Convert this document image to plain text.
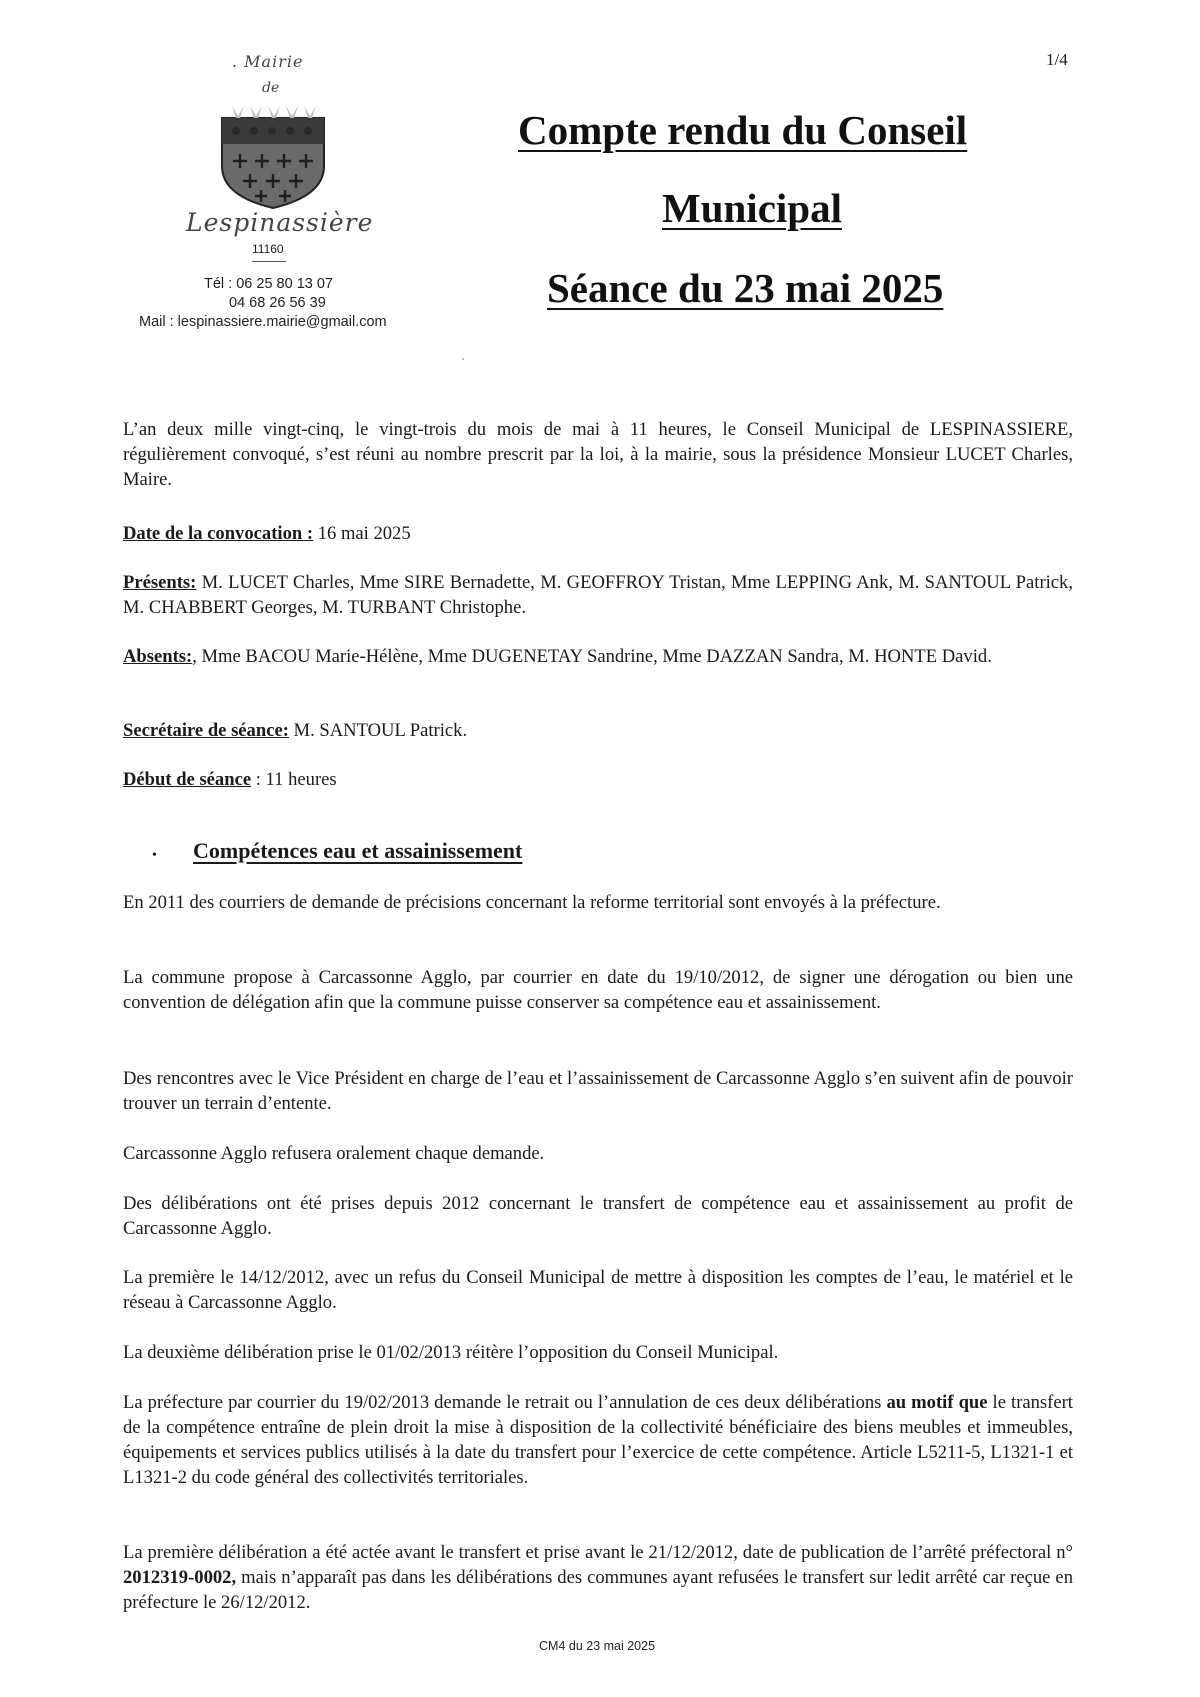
1/4
. Mairie
de
Lespinassière
11160
Tél : 06 25 80 13 07
04 68 26 56 39
Mail : lespinassiere.mairie@gmail.com
Compte rendu du Conseil
Municipal
Séance du 23 mai 2025

L’an deux mille vingt-cinq, le vingt-trois du mois de mai à 11 heures, le Conseil Municipal de LESPINASSIERE, régulièrement convoqué, s’est réuni au nombre prescrit par la loi, à la mairie, sous la présidence Monsieur LUCET Charles, Maire.

Date de la convocation : 16 mai 2025

Présents: M. LUCET Charles, Mme SIRE Bernadette, M. GEOFFROY Tristan, Mme LEPPING Ank, M. SANTOUL Patrick, M. CHABBERT Georges, M. TURBANT Christophe.

Absents:, Mme BACOU Marie-Hélène, Mme DUGENETAY Sandrine, Mme DAZZAN Sandra, M. HONTE David.

Secrétaire de séance: M. SANTOUL Patrick.

Début de séance : 11 heures

• Compétences eau et assainissement

En 2011 des courriers de demande de précisions concernant la reforme territorial sont envoyés à la préfecture.

La commune propose à Carcassonne Agglo, par courrier en date du 19/10/2012, de signer une dérogation ou bien une convention de délégation afin que la commune puisse conserver sa compétence eau et assainissement.

Des rencontres avec le Vice Président en charge de l’eau et l’assainissement de Carcassonne Agglo s’en suivent afin de pouvoir trouver un terrain d’entente.

Carcassonne Agglo refusera oralement chaque demande.

Des délibérations ont été prises depuis 2012 concernant le transfert de compétence eau et assainissement au profit de Carcassonne Agglo.

La première le 14/12/2012, avec un refus du Conseil Municipal de mettre à disposition les comptes de l’eau, le matériel et le réseau à Carcassonne Agglo.

La deuxième délibération prise le 01/02/2013 réitère l’opposition du Conseil Municipal.

La préfecture par courrier du 19/02/2013 demande le retrait ou l’annulation de ces deux délibérations au motif que le transfert de la compétence entraîne de plein droit la mise à disposition de la collectivité bénéficiaire des biens meubles et immeubles, équipements et services publics utilisés à la date du transfert pour l’exercice de cette compétence. Article L5211-5, L1321-1 et L1321-2 du code général des collectivités territoriales.

La première délibération a été actée avant le transfert et prise avant le 21/12/2012, date de publication de l’arrêté préfectoral n° 2012319-0002, mais n’apparaît pas dans les délibérations des communes ayant refusées le transfert sur ledit arrêté car reçue en préfecture le 26/12/2012.

CM4 du 23 mai 2025
